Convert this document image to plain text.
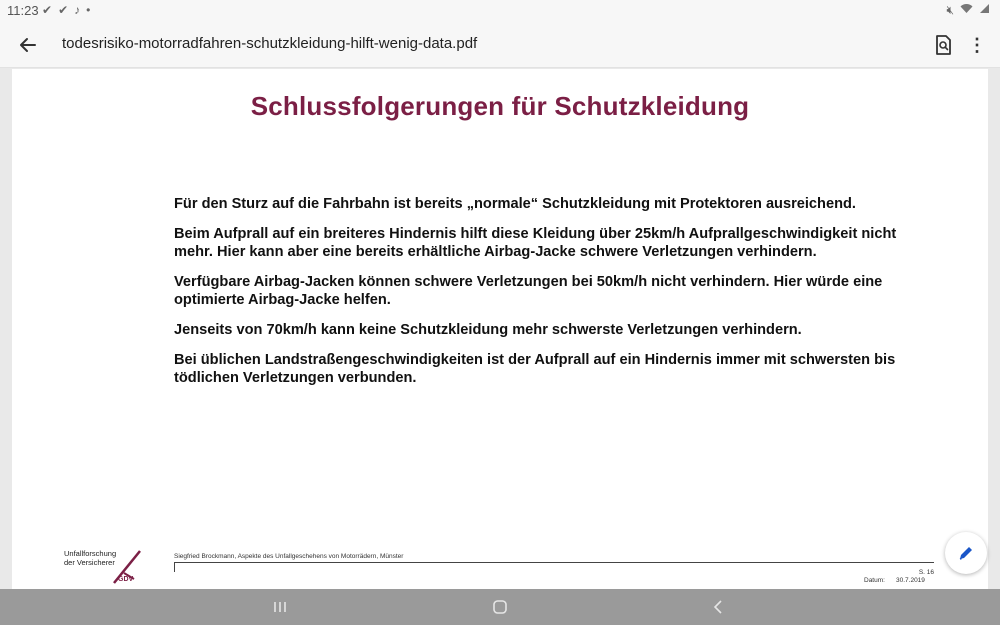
11:23 ✔ ✔ ♪ •	🔇︎
todesrisiko-motorradfahren-schutzkleidung-hilft-wenig-data.pdf	⋮
Schlussfolgerungen für Schutzkleidung

Für den Sturz auf die Fahrbahn ist bereits „normale“ Schutzkleidung mit Protektoren ausreichend.

Beim Aufprall auf ein breiteres Hindernis hilft diese Kleidung über 25km/h Aufprallgeschwindigkeit nicht mehr. Hier kann aber eine bereits erhältliche Airbag-Jacke schwere Verletzungen verhindern.

Verfügbare Airbag-Jacken können schwere Verletzungen bei 50km/h nicht verhindern. Hier würde eine optimierte Airbag-Jacke helfen.

Jenseits von 70km/h kann keine Schutzkleidung mehr schwerste Verletzungen verhindern.

Bei üblichen Landstraßengeschwindigkeiten ist der Aufprall auf ein Hindernis immer mit schwersten bis tödlichen Verletzungen verbunden.

Unfallforschung
der Versicherer
GDV
Siegfried Brockmann, Aspekte des Unfallgeschehens von Motorrädern, Münster
S. 16
Datum: 30.7.2019
